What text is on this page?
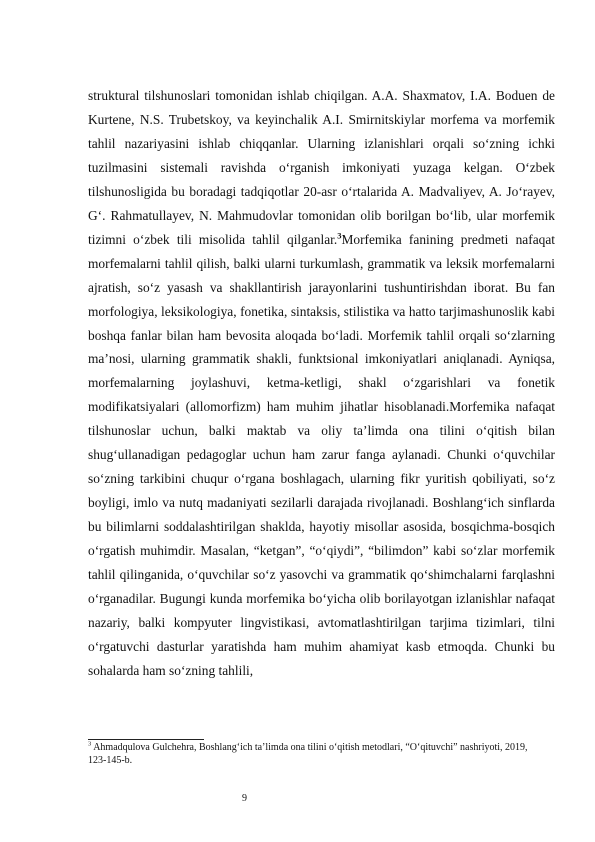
struktural tilshunoslari tomonidan ishlab chiqilgan. A.A. Shaxmatov, I.A. Boduen de Kurtene, N.S. Trubetskoy, va keyinchalik A.I. Smirnitskiylar morfema va morfemik tahlil nazariyasini ishlab chiqqanlar. Ularning izlanishlari orqali so‘zning ichki tuzilmasini sistemali ravishda o‘rganish imkoniyati yuzaga kelgan. O‘zbek tilshunosligida bu boradagi tadqiqotlar 20-asr o‘rtalarida A. Madvaliyev, A. Jo‘rayev, G‘. Rahmatullayev, N. Mahmudovlar tomonidan olib borilgan bo‘lib, ular morfemik tizimni o‘zbek tili misolida tahlil qilganlar.$^3$Morfemika fanining predmeti nafaqat morfemalarni tahlil qilish, balki ularni turkumlash, grammatik va leksik morfemalarni ajratish, so‘z yasash va shakllantirish jarayonlarini tushuntirishdan iborat. Bu fan morfologiya, leksikologiya, fonetika, sintaksis, stilistika va hatto tarjimashunoslik kabi boshqa fanlar bilan ham bevosita aloqada bo‘ladi. Morfemik tahlil orqali so‘zlarning ma’nosi, ularning grammatik shakli, funktsional imkoniyatlari aniqlanadi. Ayniqsa, morfemalarning joylashuvi, ketma-ketligi, shakl o‘zgarishlari va fonetik modifikatsiyalari (allomorfizm) ham muhim jihatlar hisoblanadi.Morfemika nafaqat tilshunoslar uchun, balki maktab va oliy ta’limda ona tilini o‘qitish bilan shug‘ullanadigan pedagoglar uchun ham zarur fanga aylanadi. Chunki o‘quvchilar so‘zning tarkibini chuqur o‘rgana boshlagach, ularning fikr yuritish qobiliyati, so‘z boyligi, imlo va nutq madaniyati sezilarli darajada rivojlanadi. Boshlang‘ich sinflarda bu bilimlarni soddalashtirilgan shaklda, hayotiy misollar asosida, bosqichma-bosqich o‘rgatish muhimdir. Masalan, “ketgan”, “o‘qiydi”, “bilimdon” kabi so‘zlar morfemik tahlil qilinganida, o‘quvchilar so‘z yasovchi va grammatik qo‘shimchalarni farqlashni o‘rganadilar. Bugungi kunda morfemika bo‘yicha olib borilayotgan izlanishlar nafaqat nazariy, balki kompyuter lingvistikasi, avtomatlashtirilgan tarjima tizimlari, tilni o‘rgatuvchi dasturlar yaratishda ham muhim ahamiyat kasb etmoqda. Chunki bu sohalarda ham so‘zning tahlili,

$^3$ Ahmadqulova Gulchehra, Boshlang‘ich ta’limda ona tilini o‘qitish metodlari, “O‘qituvchi” nashriyoti, 2019, 123-145-b.
9
